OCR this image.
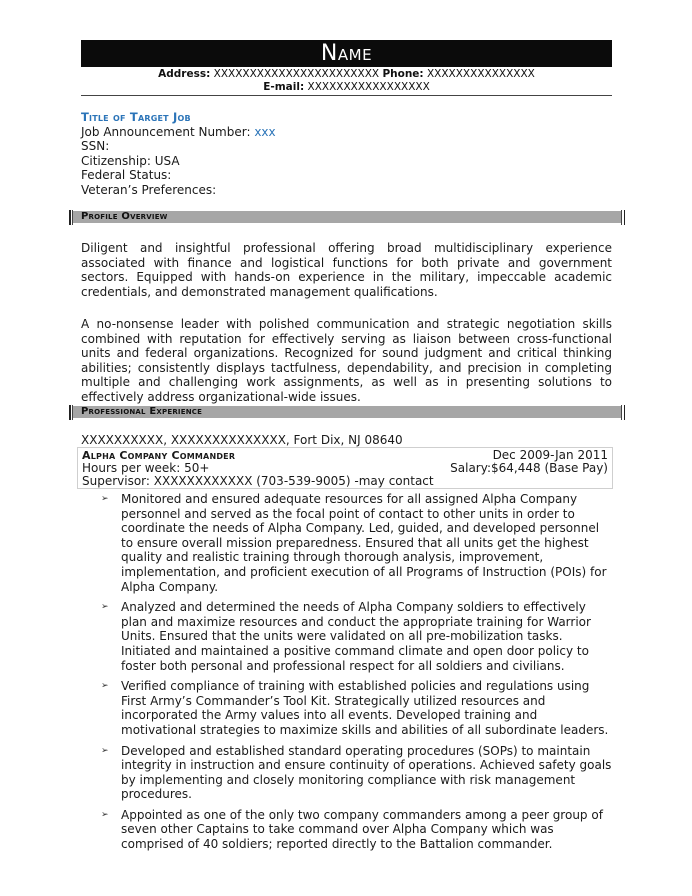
Name
Address: XXXXXXXXXXXXXXXXXXXXXXX Phone: XXXXXXXXXXXXXXX
E-mail: XXXXXXXXXXXXXXXXX
Title of Target Job
Job Announcement Number: xxx
SSN:
Citizenship: USA
Federal Status:
Veteran’s Preferences:
Profile Overview

Diligent and insightful professional offering broad multidisciplinary experience associated with finance and logistical functions for both private and government sectors. Equipped with hands-on experience in the military, impeccable academic credentials, and demonstrated management qualifications.

A no-nonsense leader with polished communication and strategic negotiation skills combined with reputation for effectively serving as liaison between cross-functional units and federal organizations. Recognized for sound judgment and critical thinking abilities; consistently displays tactfulness, dependability, and precision in completing multiple and challenging work assignments, as well as in presenting solutions to effectively address organizational-wide issues.

Professional Experience
XXXXXXXXXX, XXXXXXXXXXXXXX, Fort Dix, NJ 08640
Alpha Company Commander	Dec 2009-Jan 2011
Hours per week: 50+	Salary:$64,448 (Base Pay)
Supervisor: XXXXXXXXXXXX (703-539-9005) -may contact
➢ Monitored and ensured adequate resources for all assigned Alpha Company personnel and served as the focal point of contact to other units in order to coordinate the needs of Alpha Company. Led, guided, and developed personnel to ensure overall mission preparedness. Ensured that all units get the highest quality and realistic training through thorough analysis, improvement, implementation, and proficient execution of all Programs of Instruction (POIs) for Alpha Company.
➢ Analyzed and determined the needs of Alpha Company soldiers to effectively plan and maximize resources and conduct the appropriate training for Warrior Units. Ensured that the units were validated on all pre-mobilization tasks. Initiated and maintained a positive command climate and open door policy to foster both personal and professional respect for all soldiers and civilians.
➢ Verified compliance of training with established policies and regulations using First Army’s Commander’s Tool Kit. Strategically utilized resources and incorporated the Army values into all events. Developed training and motivational strategies to maximize skills and abilities of all subordinate leaders.
➢ Developed and established standard operating procedures (SOPs) to maintain integrity in instruction and ensure continuity of operations. Achieved safety goals by implementing and closely monitoring compliance with risk management procedures.
➢ Appointed as one of the only two company commanders among a peer group of seven other Captains to take command over Alpha Company which was comprised of 40 soldiers; reported directly to the Battalion commander.
